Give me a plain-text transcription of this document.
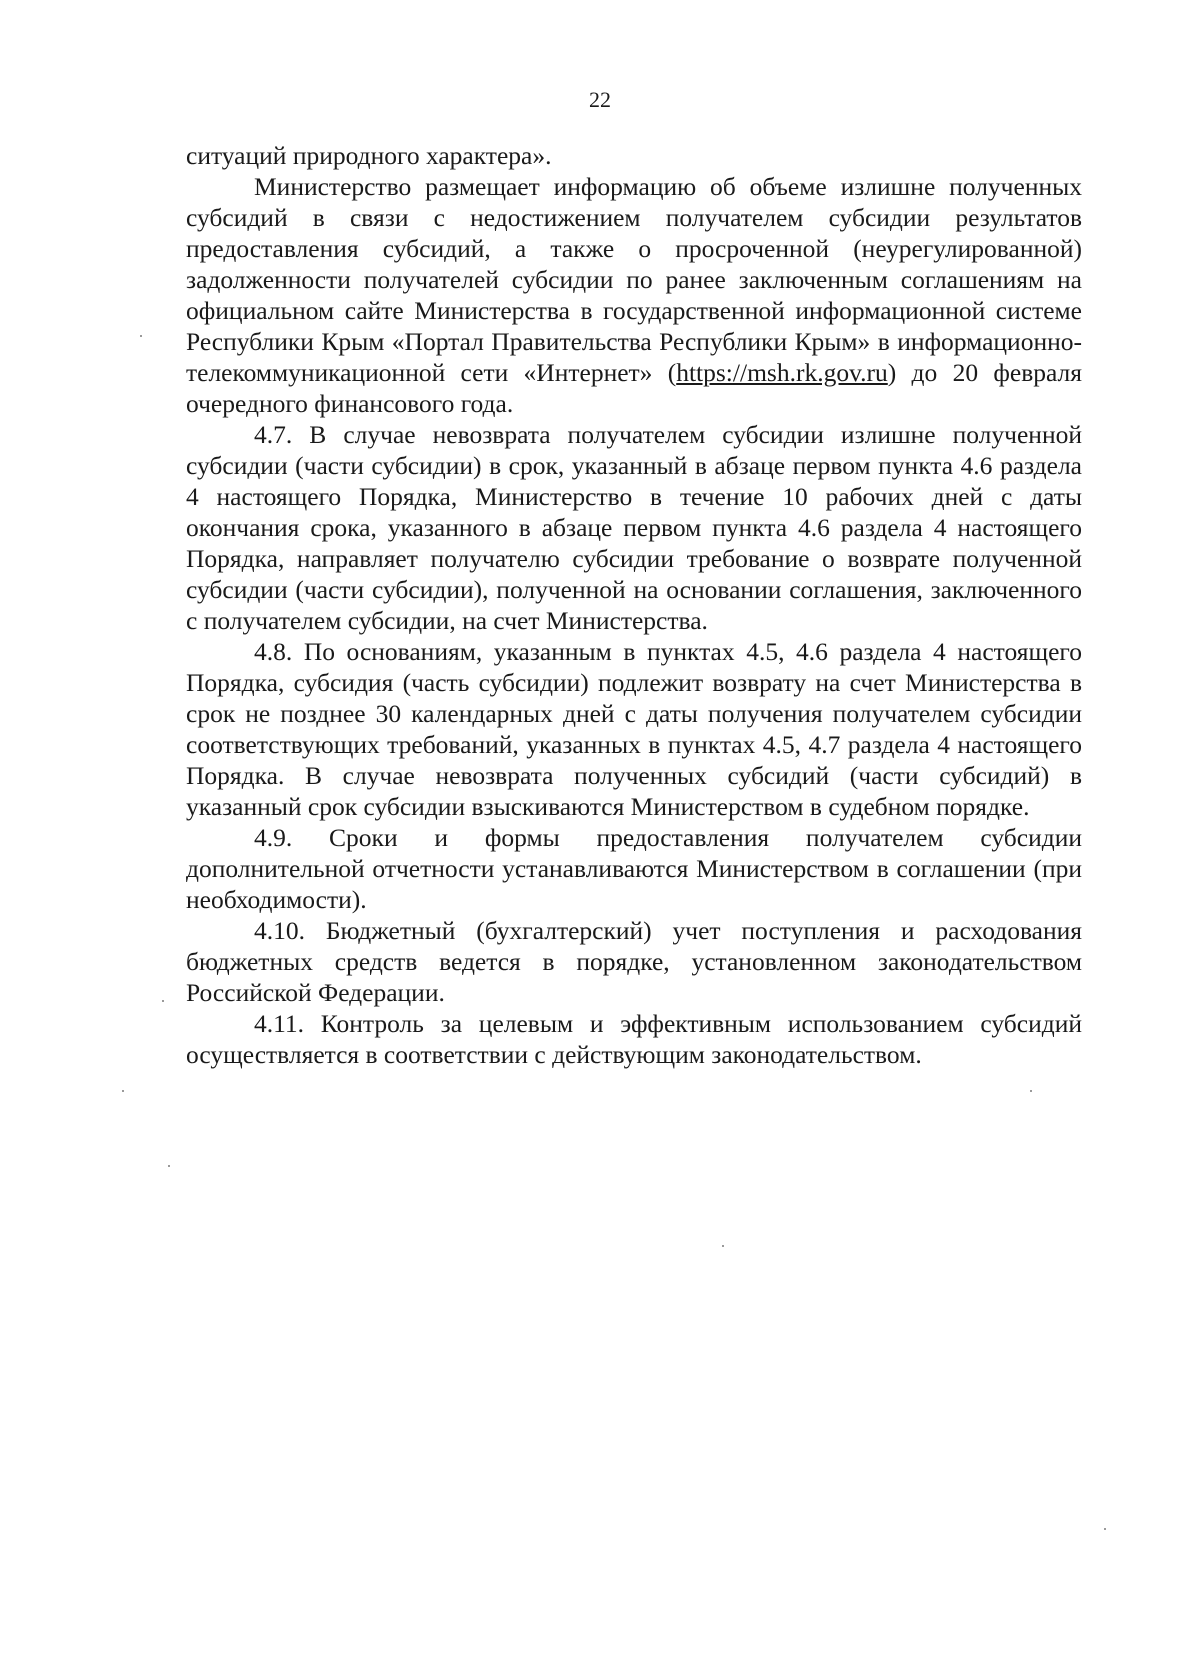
22

ситуаций природного характера».

Министерство размещает информацию об объеме излишне полученных субсидий в связи с недостижением получателем субсидии результатов предоставления субсидий, а также о просроченной (неурегулированной) задолженности получателей субсидии по ранее заключенным соглашениям на официальном сайте Министерства в государственной информационной системе Республики Крым «Портал Правительства Республики Крым» в информационно-телекоммуникационной сети «Интернет» (https://msh.rk.gov.ru) до 20 февраля очередного финансового года.

4.7. В случае невозврата получателем субсидии излишне полученной субсидии (части субсидии) в срок, указанный в абзаце первом пункта 4.6 раздела 4 настоящего Порядка, Министерство в течение 10 рабочих дней с даты окончания срока, указанного в абзаце первом пункта 4.6 раздела 4 настоящего Порядка, направляет получателю субсидии требование о возврате полученной субсидии (части субсидии), полученной на основании соглашения, заключенного с получателем субсидии, на счет Министерства.

4.8. По основаниям, указанным в пунктах 4.5, 4.6 раздела 4 настоящего Порядка, субсидия (часть субсидии) подлежит возврату на счет Министерства в срок не позднее 30 календарных дней с даты получения получателем субсидии соответствующих требований, указанных в пунктах 4.5, 4.7 раздела 4 настоящего Порядка. В случае невозврата полученных субсидий (части субсидий) в указанный срок субсидии взыскиваются Министерством в судебном порядке.

4.9. Сроки и формы предоставления получателем субсидии дополнительной отчетности устанавливаются Министерством в соглашении (при необходимости).

4.10. Бюджетный (бухгалтерский) учет поступления и расходования бюджетных средств ведется в порядке, установленном законодательством Российской Федерации.

4.11. Контроль за целевым и эффективным использованием субсидий осуществляется в соответствии с действующим законодательством.
